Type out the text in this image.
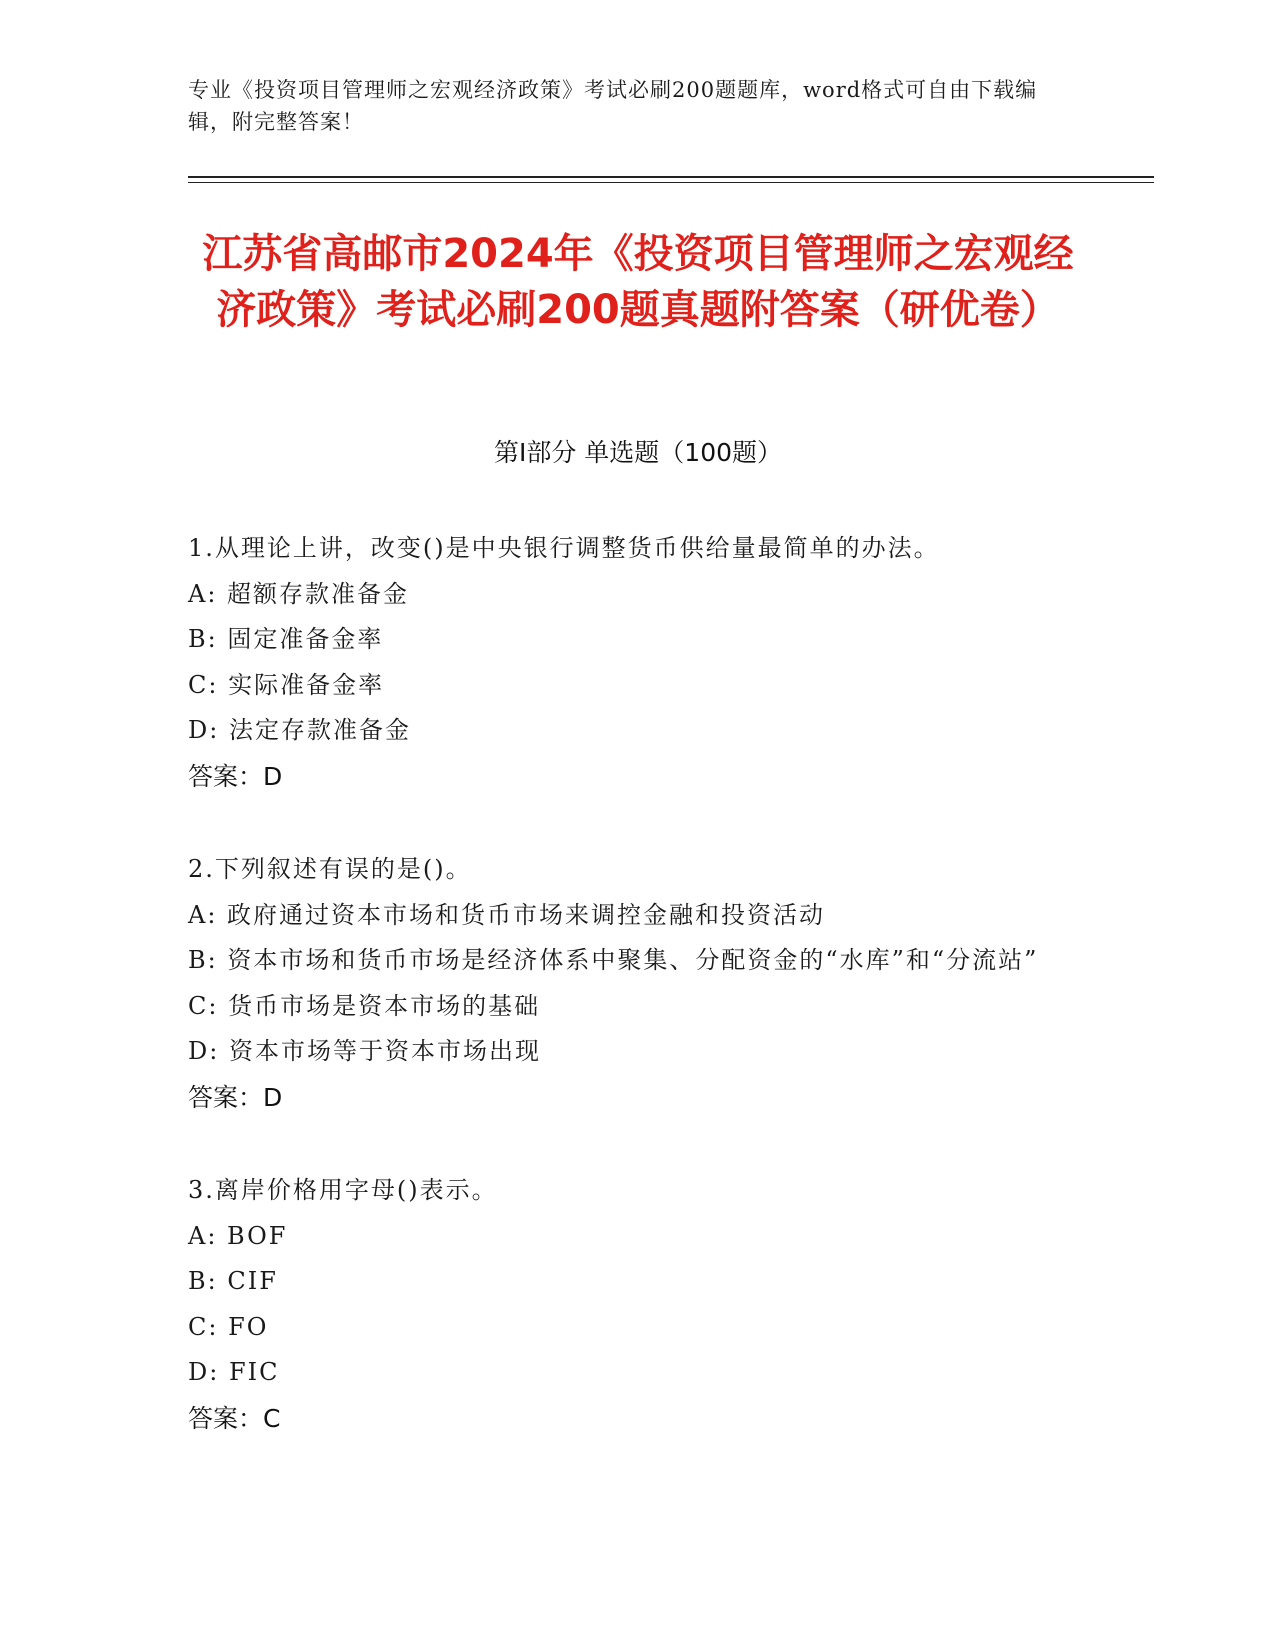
专业《投资项目管理师之宏观经济政策》考试必刷200题题库，word格式可自由下载编辑，附完整答案！
江苏省高邮市2024年《投资项目管理师之宏观经济政策》考试必刷200题真题附答案（研优卷）
第I部分 单选题（100题）

1.从理论上讲，改变()是中央银行调整货币供给量最简单的办法。

A: 超额存款准备金

B: 固定准备金率

C: 实际准备金率

D: 法定存款准备金

答案：D

2.下列叙述有误的是()。

A: 政府通过资本市场和货币市场来调控金融和投资活动

B: 资本市场和货币市场是经济体系中聚集、分配资金的“水库”和“分流站”

C: 货币市场是资本市场的基础

D: 资本市场等于资本市场出现

答案：D

3.离岸价格用字母()表示。

A: BOF

B: CIF

C: FO

D: FIC

答案：C
